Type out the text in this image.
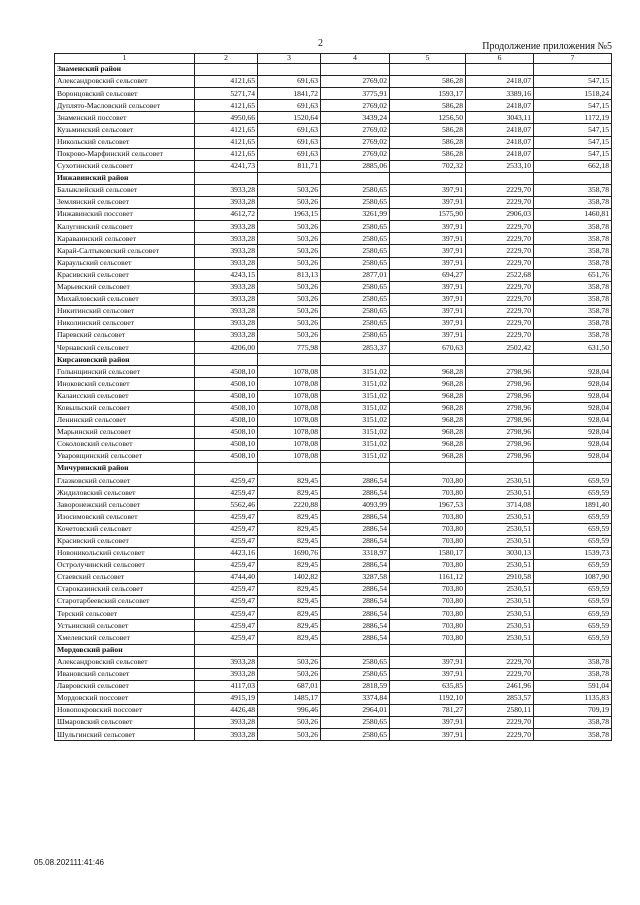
2	Продолжение приложения №5
1	2	3	4	5	6	7
Знаменский район						
Александровский сельсовет	4121,65	691,63	2769,02	586,28	2418,07	547,15
Воронцовский сельсовет	5271,74	1841,72	3775,91	1593,17	3389,16	1518,24
Дуплято-Масловский сельсовет	4121,65	691,63	2769,02	586,28	2418,07	547,15
Знаменский поссовет	4950,66	1520,64	3439,24	1256,50	3043,11	1172,19
Кузьминский сельсовет	4121,65	691,63	2769,02	586,28	2418,07	547,15
Никольский сельсовет	4121,65	691,63	2769,02	586,28	2418,07	547,15
Покрово-Марфинский сельсовет	4121,65	691,63	2769,02	586,28	2418,07	547,15
Сухотинский сельсовет	4241,73	811,71	2885,06	702,32	2533,10	662,18
Инжавинский район						
Балыклейский сельсовет	3933,28	503,26	2580,65	397,91	2229,70	358,78
Землянский сельсовет	3933,28	503,26	2580,65	397,91	2229,70	358,78
Инжавинский поссовет	4612,72	1963,15	3261,99	1575,90	2906,03	1460,81
Калугинский сельсовет	3933,28	503,26	2580,65	397,91	2229,70	358,78
Караваинский сельсовет	3933,28	503,26	2580,65	397,91	2229,70	358,78
Карай-Салтыковский сельсовет	3933,28	503,26	2580,65	397,91	2229,70	358,78
Караульский сельсовет	3933,28	503,26	2580,65	397,91	2229,70	358,78
Красивский сельсовет	4243,15	813,13	2877,01	694,27	2522,68	651,76
Марьевский сельсовет	3933,28	503,26	2580,65	397,91	2229,70	358,78
Михайловский сельсовет	3933,28	503,26	2580,65	397,91	2229,70	358,78
Никитинский сельсовет	3933,28	503,26	2580,65	397,91	2229,70	358,78
Николинский сельсовет	3933,28	503,26	2580,65	397,91	2229,70	358,78
Паревский сельсовет	3933,28	503,26	2580,65	397,91	2229,70	358,78
Чернавский сельсовет	4206,00	775,98	2853,37	670,63	2502,42	631,50
Кирсановский район						
Голынщинский сельсовет	4508,10	1078,08	3151,02	968,28	2798,96	928,04
Иноковский сельсовет	4508,10	1078,08	3151,02	968,28	2798,96	928,04
Калаисский сельсовет	4508,10	1078,08	3151,02	968,28	2798,96	928,04
Ковыльский сельсовет	4508,10	1078,08	3151,02	968,28	2798,96	928,04
Ленинский сельсовет	4508,10	1078,08	3151,02	968,28	2798,96	928,04
Марьинский сельсовет	4508,10	1078,08	3151,02	968,28	2798,96	928,04
Соколовский сельсовет	4508,10	1078,08	3151,02	968,28	2798,96	928,04
Уваровщинский сельсовет	4508,10	1078,08	3151,02	968,28	2798,96	928,04
Мичуринский район						
Глазковский сельсовет	4259,47	829,45	2886,54	703,80	2530,51	659,59
Жидиловский сельсовет	4259,47	829,45	2886,54	703,80	2530,51	659,59
Заворонежский сельсовет	5562,46	2220,88	4093,99	1967,53	3714,08	1891,40
Изосимовский сельсовет	4259,47	829,45	2886,54	703,80	2530,51	659,59
Кочетовский сельсовет	4259,47	829,45	2886,54	703,80	2530,51	659,59
Красивский сельсовет	4259,47	829,45	2886,54	703,80	2530,51	659,59
Новоникольский сельсовет	4423,16	1690,76	3318,97	1580,17	3030,13	1539,73
Остролучинский сельсовет	4259,47	829,45	2886,54	703,80	2530,51	659,59
Стаевский сельсовет	4744,40	1402,82	3287,58	1161,12	2910,58	1087,90
Староказинский сельсовет	4259,47	829,45	2886,54	703,80	2530,51	659,59
Старотарбеевский сельсовет	4259,47	829,45	2886,54	703,80	2530,51	659,59
Терский сельсовет	4259,47	829,45	2886,54	703,80	2530,51	659,59
Устьинский сельсовет	4259,47	829,45	2886,54	703,80	2530,51	659,59
Хмелевский сельсовет	4259,47	829,45	2886,54	703,80	2530,51	659,59
Мордовский район						
Александровский сельсовет	3933,28	503,26	2580,65	397,91	2229,70	358,78
Ивановский сельсовет	3933,28	503,26	2580,65	397,91	2229,70	358,78
Лавровский сельсовет	4117,03	687,01	2818,59	635,85	2461,96	591,04
Мордовский поссовет	4915,19	1485,17	3374,84	1192,10	2853,57	1135,83
Новопокровский поссовет	4426,48	996,46	2964,01	781,27	2580,11	709,19
Шмаровский сельсовет	3933,28	503,26	2580,65	397,91	2229,70	358,78
Шульгинский сельсовет	3933,28	503,26	2580,65	397,91	2229,70	358,78
05.08.202111:41:46
